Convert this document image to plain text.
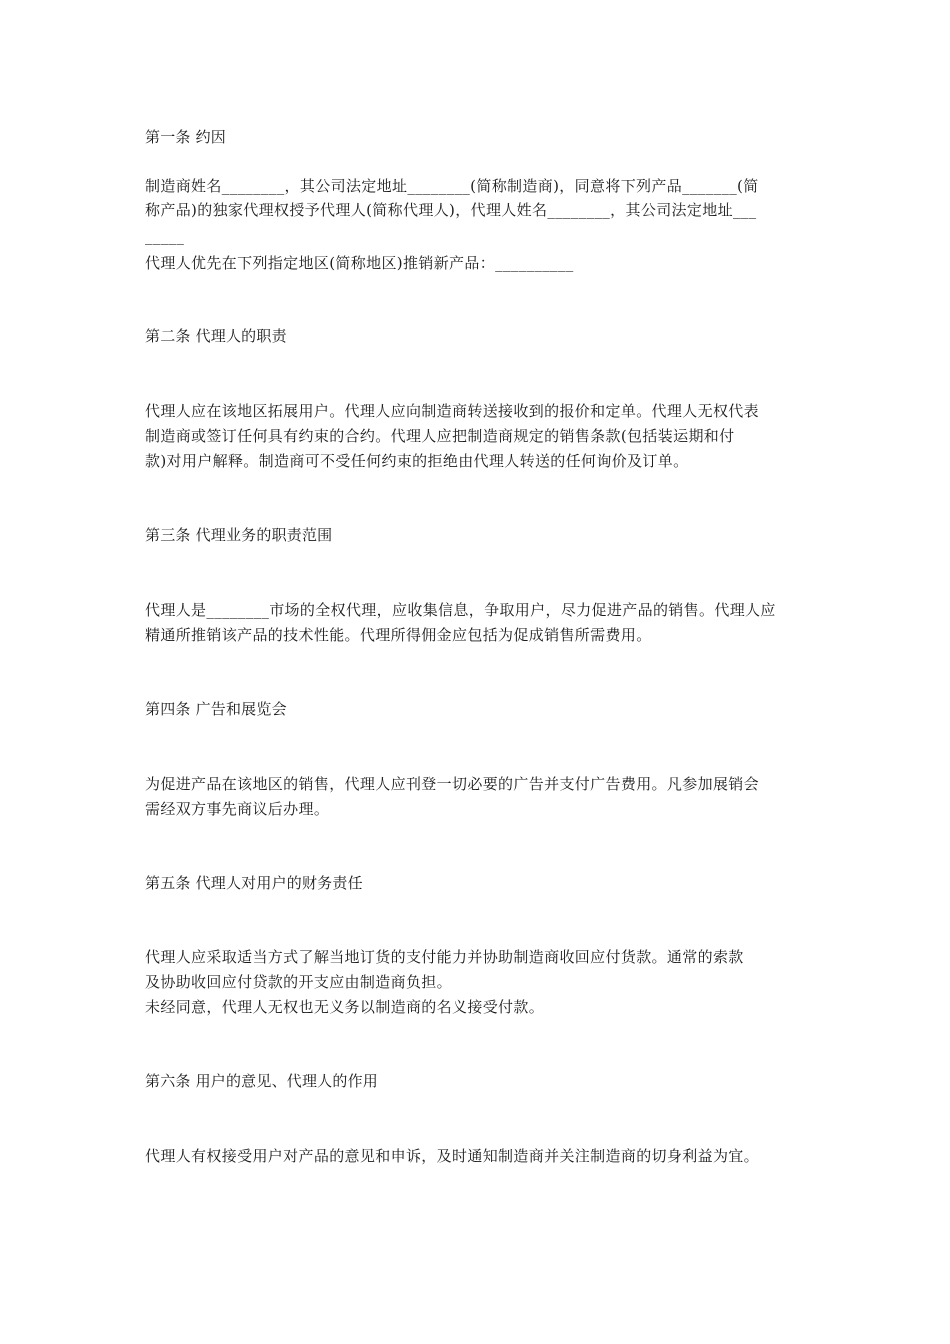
第一条 约因
制造商姓名________，其公司法定地址________(简称制造商)，同意将下列产品_______(简
称产品)的独家代理权授予代理人(简称代理人)，代理人姓名________，其公司法定地址___
_____
代理人优先在下列指定地区(简称地区)推销新产品：__________
第二条 代理人的职责
代理人应在该地区拓展用户。代理人应向制造商转送接收到的报价和定单。代理人无权代表
制造商或签订任何具有约束的合约。代理人应把制造商规定的销售条款(包括装运期和付
款)对用户解释。制造商可不受任何约束的拒绝由代理人转送的任何询价及订单。
第三条 代理业务的职责范围
代理人是________市场的全权代理，应收集信息，争取用户，尽力促进产品的销售。代理人应
精通所推销该产品的技术性能。代理所得佣金应包括为促成销售所需费用。
第四条 广告和展览会
为促进产品在该地区的销售，代理人应刊登一切必要的广告并支付广告费用。凡参加展销会
需经双方事先商议后办理。
第五条 代理人对用户的财务责任
代理人应采取适当方式了解当地订货的支付能力并协助制造商收回应付货款。通常的索款
及协助收回应付贷款的开支应由制造商负担。
未经同意，代理人无权也无义务以制造商的名义接受付款。
第六条 用户的意见、代理人的作用
代理人有权接受用户对产品的意见和申诉，及时通知制造商并关注制造商的切身利益为宜。
